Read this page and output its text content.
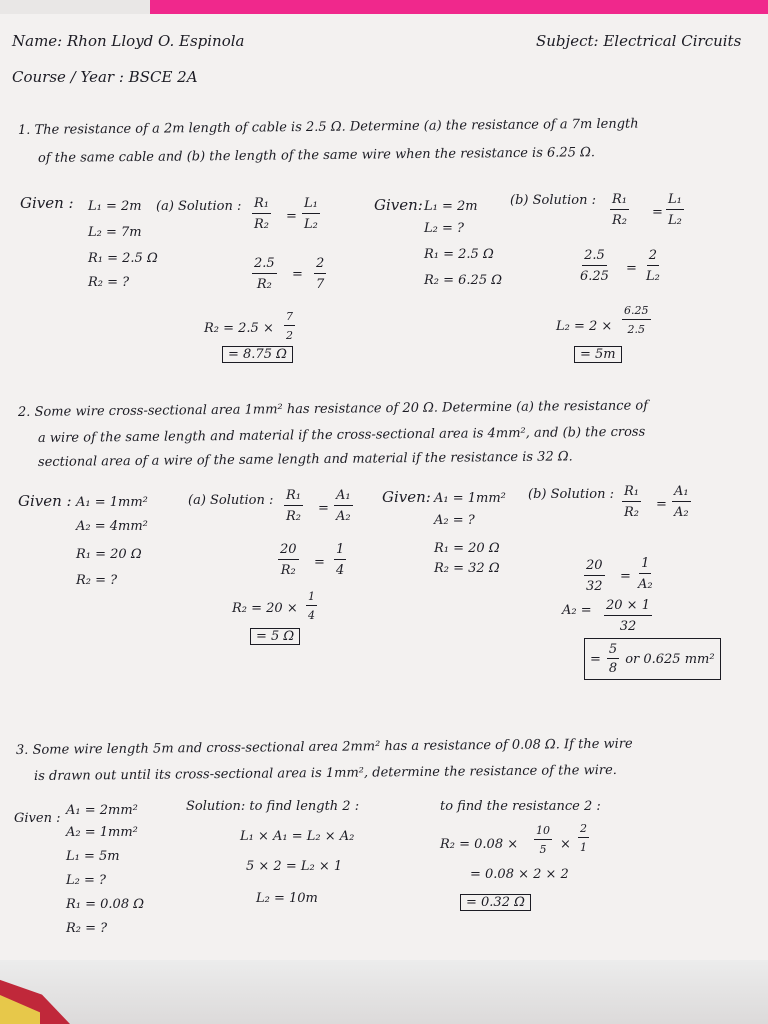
Name: Rhon Lloyd O. Espinola	Subject: Electrical Circuits
Course / Year : BSCE 2A
1. The resistance of a 2m length of cable is 2.5 Ω. Determine (a) the resistance of a 7m length
of the same cable and (b) the length of the same wire when the resistance is 6.25 Ω.
Given : L₁ = 2m
L₂ = 7m
R₁ = 2.5 Ω
R₂ = ?
(a) Solution : $\frac{\text{R₁}}{\text{R₂}} = \frac{\text{L₁}}{\text{L₂}}$
$\frac{2.5}{\text{R₂}} = \frac{2}{7}$
$R_2 = 2.5 \times \frac{7}{2}$
= 8.75 Ω
Given: L₁ = 2m
L₂ = ?
R₁ = 2.5 Ω
R₂ = 6.25 Ω
(b) Solution : $\frac{\text{R₁}}{\text{R₂}} = \frac{\text{L₁}}{\text{L₂}}$
$\frac{2.5}{6.25} = \frac{2}{\text{L₂}}$
$L_2 = 2 \times \frac{6.25}{2.5}$
= 5m
2. Some wire cross-sectional area 1mm² has resistance of 20 Ω. Determine (a) the resistance of
a wire of the same length and material if the cross-sectional area is 4mm², and (b) the cross
sectional area of a wire of the same length and material if the resistance is 32 Ω.
Given : A₁ = 1mm²
A₂ = 4mm²
R₁ = 20 Ω
R₂ = ?
(a) Solution : $\frac{\text{R₁}}{\text{R₂}} = \frac{\text{A₁}}{\text{A₂}}$
$\frac{20}{\text{R₂}} = \frac{1}{4}$
$R_2 = 20 \times \frac{1}{4}$
= 5 Ω
Given: A₁ = 1mm²
A₂ = ?
R₁ = 20 Ω
R₂ = 32 Ω
(b) Solution : $\frac{\text{R₁}}{\text{R₂}} = \frac{\text{A₁}}{\text{A₂}}$
$\frac{20}{32} = \frac{1}{\text{A₂}}$
$A_2 = \frac{20 \times 1}{32}$
= $\frac{5}{8}$ or 0.625 mm²
3. Some wire length 5m and cross-sectional area 2mm² has a resistance of 0.08 Ω. If the wire
is drawn out until its cross-sectional area is 1mm², determine the resistance of the wire.
Given :
A₁ = 2mm²
A₂ = 1mm²
L₁ = 5m
L₂ = ?
R₁ = 0.08 Ω
R₂ = ?
Solution: to find length 2 :
L₁ × A₁ = L₂ × A₂
5 × 2 = L₂ × 1
L₂ = 10m
to find the resistance 2 :
$R_2 = 0.08 \times \frac{10}{5} \times \frac{2}{1}$
= 0.08 × 2 × 2
= 0.32 Ω
